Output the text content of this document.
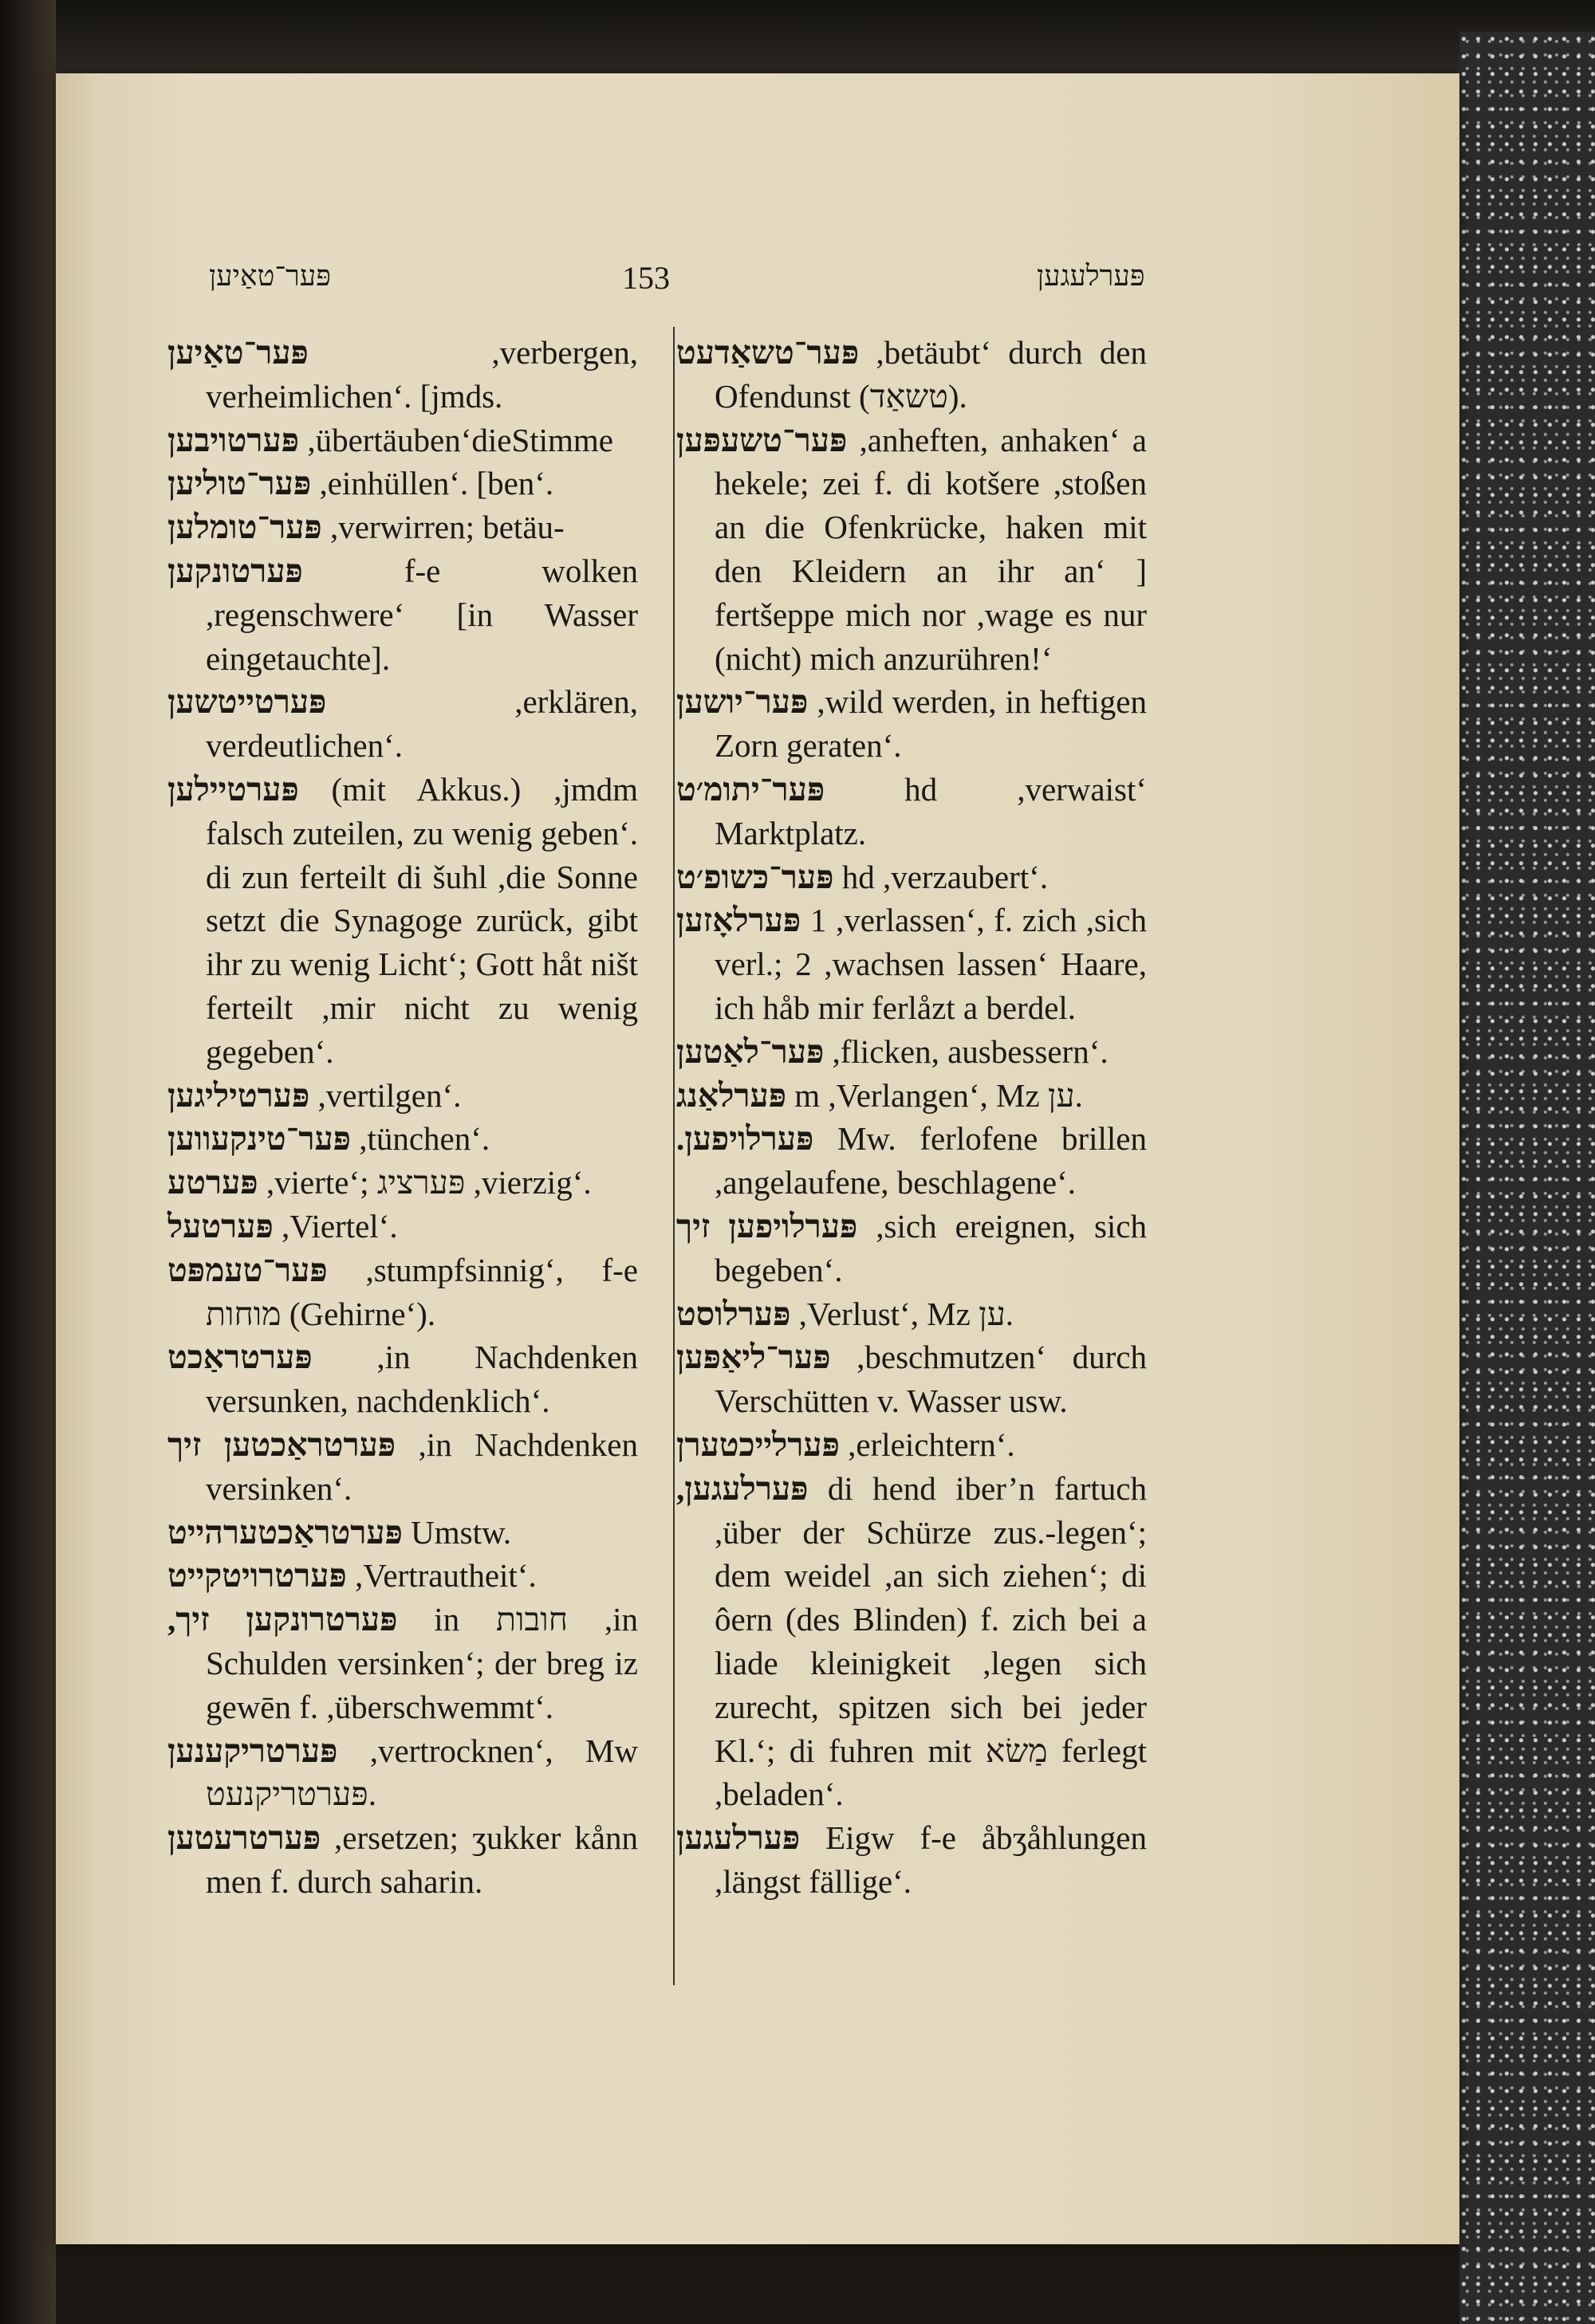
פּער־טאַיען	153	פּערלעגען

פּער־טאַיען ,verbergen, verheimlichen‘. [jmds.

פּערטויבען ,übertäuben‘dieStimme

פּער־טוליען ,einhüllen‘. [ben‘.

פּער־טומלען ,verwirren; betäu-

פּערטונקען f-e wolken ,regenschwere‘ [in Wasser eingetauchte].

פּערטייטשען ,erklären, verdeutlichen‘.

פּערטיילען (mit Akkus.) ,jmdm falsch zuteilen, zu wenig geben‘. di zun ferteilt di šuhl ,die Sonne setzt die Synagoge zurück, gibt ihr zu wenig Licht‘; Gott håt ništ ferteilt ,mir nicht zu wenig gegeben‘.

פּערטיליגען ,vertilgen‘.

פּער־טינקעווען ,tünchen‘.

פּערטע ,vierte‘; פּערציג ,vierzig‘.

פּערטעל ,Viertel‘.

פּער־טעמפּט ,stumpfsinnig‘, f-e מוחות (Gehirne‘).

פּערטראַכט ,in Nachdenken versunken, nachdenklich‘.

פּערטראַכטען זיך ,in Nachdenken versinken‘.

פּערטראַכטערהייט Umstw.

פּערטרויטקייט ,Vertrautheit‘.

פּערטרונקען זיך, in חובות ,in Schulden versinken‘; der breg iz gewēn f. ,überschwemmt‘.

פּערטריקענען ,vertrocknen‘, Mw פּערטריקנעט.

פּערטרעטען ,ersetzen; ʒukker kånn men f. durch saharin.

פּער־טשאַדעט ,betäubt‘ durch den Ofendunst (טשאַד).

פּער־טשעפּען ,anheften, anhaken‘ a hekele; zei f. di kotšere ,stoßen an die Ofenkrücke, haken mit den Kleidern an ihr an‘ ] fertšeppe mich nor ,wage es nur (nicht) mich anzurühren!‘

פּער־יושען ,wild werden, in heftigen Zorn geraten‘.

פּער־יתומ׳ט hd ,verwaist‘ Marktplatz.

פּער־כּשופ׳ט hd ,verzaubert‘.

פּערלאָזען 1 ,verlassen‘, f. zich ,sich verl.; 2 ,wachsen lassen‘ Haare, ich håb mir ferlåzt a berdel.

פּער־לאַטען ,flicken, ausbessern‘.

פּערלאַנג m ,Verlangen‘, Mz ען.

פּערלויפען. Mw. ferlofene brillen ,angelaufene, beschlagene‘.

פּערלויפען זיך ,sich ereignen, sich begeben‘.

פּערלוסט ,Verlust‘, Mz ען.

פּער־ליאַפּען ,beschmutzen‘ durch Verschütten v. Wasser usw.

פּערלייכטערן ,erleichtern‘.

פּערלעגען, di hend iber’n fartuch ,über der Schürze zus.-legen‘; dem weidel ,an sich ziehen‘; di ôern (des Blinden) f. zich bei a liade kleinigkeit ,legen sich zurecht, spitzen sich bei jeder Kl.‘; di fuhren mit מַשׂא ferlegt ,beladen‘.

פּערלעגען Eigw f-e åbʒåhlungen ,längst fällige‘.
